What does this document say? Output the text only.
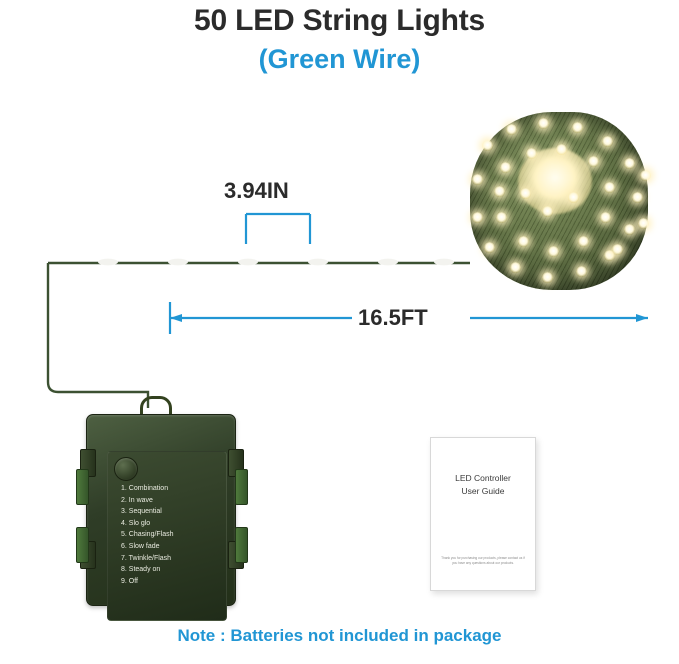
50 LED String Lights
(Green Wire)
3.94IN
16.5FT
1. Combination
2. In wave
3. Sequential
4. Slo glo
5. Chasing/Flash
6. Slow fade
7. Twinkle/Flash
8. Steady on
9. Off
LED Controller
User Guide
Thank you for purchasing our products, please contact us if you have any questions about our products.
Note : Batteries not included in package
